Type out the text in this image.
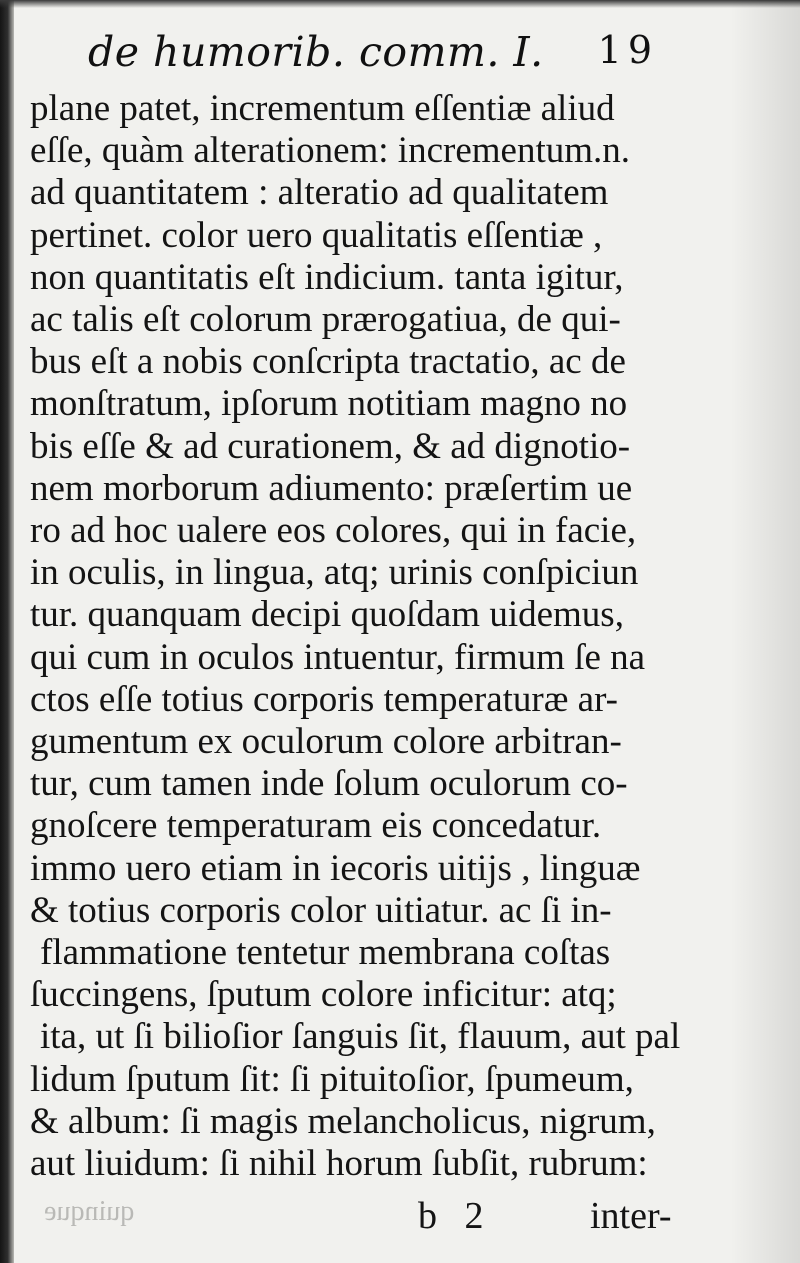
de humorib. comm. I. 19
plane patet, incrementum eſſentiæ aliud
eſſe, quàm alterationem: incrementum.n.
ad quantitatem : alteratio ad qualitatem
pertinet. color uero qualitatis eſſentiæ ,
non quantitatis eſt indicium. tanta igitur,
ac talis eſt colorum prærogatiua, de qui-
bus eſt a nobis conſcripta tractatio, ac de
monſtratum, ipſorum notitiam magno no
bis eſſe & ad curationem, & ad dignotio-
nem morborum adiumento: præſertim ue
ro ad hoc ualere eos colores, qui in facie,
in oculis, in lingua, atq; urinis conſpiciun
tur. quanquam decipi quoſdam uidemus,
qui cum in oculos intuentur, firmum ſe na
ctos eſſe totius corporis temperaturæ ar-
gumentum ex oculorum colore arbitran-
tur, cum tamen inde ſolum oculorum co-
gnoſcere temperaturam eis concedatur.
immo uero etiam in iecoris uitijs , linguæ
& totius corporis color uitiatur. ac ſi in-
flammatione tentetur membrana coſtas
ſuccingens, ſputum colore inficitur: atq;
ita, ut ſi bilioſior ſanguis ſit, flauum, aut pal
lidum ſputum ſit: ſi pituitoſior, ſpumeum,
& album: ſi magis melancholicus, nigrum,
aut liuidum: ſi nihil horum ſubſit, rubrum:
quinque	b 2	inter-
